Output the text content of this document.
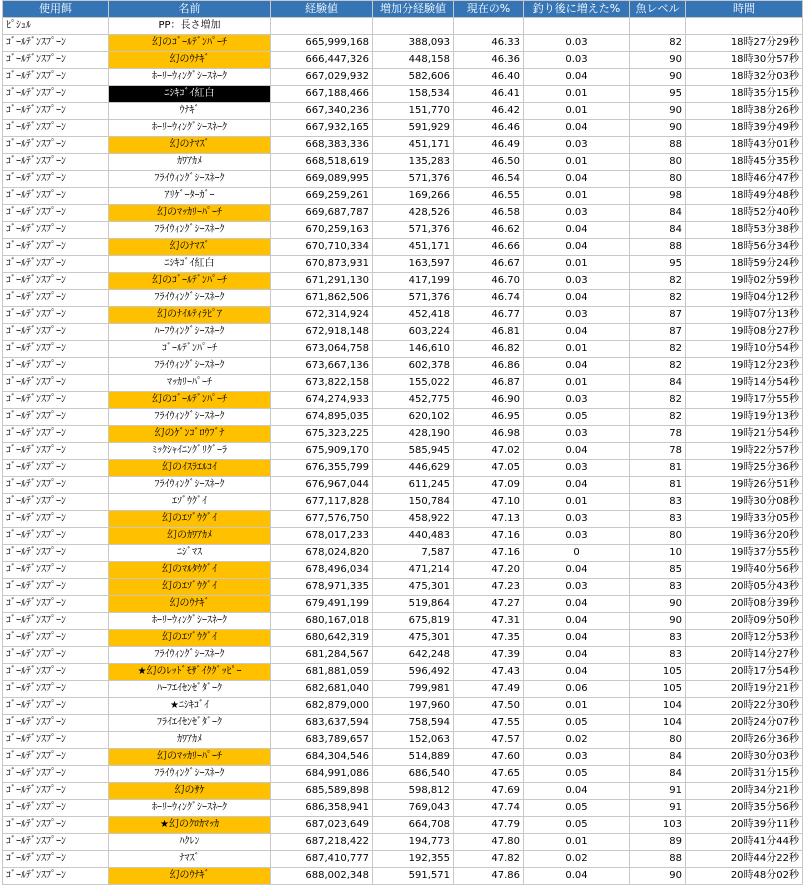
使用餌	名前	経験値	増加分経験値	現在の%	釣り後に増えた%	魚レベル	時間
ﾋﾟｼｭﾙ	PP：長さ増加						
ｺﾞｰﾙﾃﾞﾝｽﾌﾟｰﾝ	幻のｺﾞｰﾙﾃﾞﾝﾊﾟｰﾁ	665,999,168	388,093	46.33	0.03	82	18時27分29秒
ｺﾞｰﾙﾃﾞﾝｽﾌﾟｰﾝ	幻のｳﾅｷﾞ	666,447,326	448,158	46.36	0.03	90	18時30分57秒
ｺﾞｰﾙﾃﾞﾝｽﾌﾟｰﾝ	ﾎｰﾘｰｳｨﾝｸﾞｼｰｽﾈｰｸ	667,029,932	582,606	46.40	0.04	90	18時32分03秒
ｺﾞｰﾙﾃﾞﾝｽﾌﾟｰﾝ	ﾆｼｷｺﾞｲ紅白	667,188,466	158,534	46.41	0.01	95	18時35分15秒
ｺﾞｰﾙﾃﾞﾝｽﾌﾟｰﾝ	ｳﾅｷﾞ	667,340,236	151,770	46.42	0.01	90	18時38分26秒
ｺﾞｰﾙﾃﾞﾝｽﾌﾟｰﾝ	ﾎｰﾘｰｳｨﾝｸﾞｼｰｽﾈｰｸ	667,932,165	591,929	46.46	0.04	90	18時39分49秒
ｺﾞｰﾙﾃﾞﾝｽﾌﾟｰﾝ	幻のﾅﾏｽﾞ	668,383,336	451,171	46.49	0.03	88	18時43分01秒
ｺﾞｰﾙﾃﾞﾝｽﾌﾟｰﾝ	ｶﾜｱｶﾒ	668,518,619	135,283	46.50	0.01	80	18時45分35秒
ｺﾞｰﾙﾃﾞﾝｽﾌﾟｰﾝ	ﾌﾗｲｳｨﾝｸﾞｼｰｽﾈｰｸ	669,089,995	571,376	46.54	0.04	80	18時46分47秒
ｺﾞｰﾙﾃﾞﾝｽﾌﾟｰﾝ	ｱﾘｹﾞｰﾀｰｶﾞｰ	669,259,261	169,266	46.55	0.01	98	18時49分48秒
ｺﾞｰﾙﾃﾞﾝｽﾌﾟｰﾝ	幻のﾏｯｶﾘｰﾊﾟｰﾁ	669,687,787	428,526	46.58	0.03	84	18時52分40秒
ｺﾞｰﾙﾃﾞﾝｽﾌﾟｰﾝ	ﾌﾗｲｳｨﾝｸﾞｼｰｽﾈｰｸ	670,259,163	571,376	46.62	0.04	84	18時53分38秒
ｺﾞｰﾙﾃﾞﾝｽﾌﾟｰﾝ	幻のﾅﾏｽﾞ	670,710,334	451,171	46.66	0.04	88	18時56分34秒
ｺﾞｰﾙﾃﾞﾝｽﾌﾟｰﾝ	ﾆｼｷｺﾞｲ紅白	670,873,931	163,597	46.67	0.01	95	18時59分24秒
ｺﾞｰﾙﾃﾞﾝｽﾌﾟｰﾝ	幻のｺﾞｰﾙﾃﾞﾝﾊﾟｰﾁ	671,291,130	417,199	46.70	0.03	82	19時02分59秒
ｺﾞｰﾙﾃﾞﾝｽﾌﾟｰﾝ	ﾌﾗｲｳｨﾝｸﾞｼｰｽﾈｰｸ	671,862,506	571,376	46.74	0.04	82	19時04分12秒
ｺﾞｰﾙﾃﾞﾝｽﾌﾟｰﾝ	幻のﾅｲﾙﾃｨﾗﾋﾟｱ	672,314,924	452,418	46.77	0.03	87	19時07分13秒
ｺﾞｰﾙﾃﾞﾝｽﾌﾟｰﾝ	ﾊｰﾌｳｨﾝｸﾞｼｰｽﾈｰｸ	672,918,148	603,224	46.81	0.04	87	19時08分27秒
ｺﾞｰﾙﾃﾞﾝｽﾌﾟｰﾝ	ｺﾞｰﾙﾃﾞﾝﾊﾟｰﾁ	673,064,758	146,610	46.82	0.01	82	19時10分54秒
ｺﾞｰﾙﾃﾞﾝｽﾌﾟｰﾝ	ﾌﾗｲｳｨﾝｸﾞｼｰｽﾈｰｸ	673,667,136	602,378	46.86	0.04	82	19時12分23秒
ｺﾞｰﾙﾃﾞﾝｽﾌﾟｰﾝ	ﾏｯｶﾘｰﾊﾟｰﾁ	673,822,158	155,022	46.87	0.01	84	19時14分54秒
ｺﾞｰﾙﾃﾞﾝｽﾌﾟｰﾝ	幻のｺﾞｰﾙﾃﾞﾝﾊﾟｰﾁ	674,274,933	452,775	46.90	0.03	82	19時17分55秒
ｺﾞｰﾙﾃﾞﾝｽﾌﾟｰﾝ	ﾌﾗｲｳｨﾝｸﾞｼｰｽﾈｰｸ	674,895,035	620,102	46.95	0.05	82	19時19分13秒
ｺﾞｰﾙﾃﾞﾝｽﾌﾟｰﾝ	幻のｹﾞﾝｺﾞﾛｳﾌﾞﾅ	675,323,225	428,190	46.98	0.03	78	19時21分54秒
ｺﾞｰﾙﾃﾞﾝｽﾌﾟｰﾝ	ﾐｯｸｼｬｲﾆﾝｸﾞﾘｸﾞｰﾗ	675,909,170	585,945	47.02	0.04	78	19時22分57秒
ｺﾞｰﾙﾃﾞﾝｽﾌﾟｰﾝ	幻のｲｽﾗｴﾙｺｲ	676,355,799	446,629	47.05	0.03	81	19時25分36秒
ｺﾞｰﾙﾃﾞﾝｽﾌﾟｰﾝ	ﾌﾗｲｳｨﾝｸﾞｼｰｽﾈｰｸ	676,967,044	611,245	47.09	0.04	81	19時26分51秒
ｺﾞｰﾙﾃﾞﾝｽﾌﾟｰﾝ	ｴｿﾞｳｸﾞｲ	677,117,828	150,784	47.10	0.01	83	19時30分08秒
ｺﾞｰﾙﾃﾞﾝｽﾌﾟｰﾝ	幻のｴｿﾞｳｸﾞｲ	677,576,750	458,922	47.13	0.03	83	19時33分05秒
ｺﾞｰﾙﾃﾞﾝｽﾌﾟｰﾝ	幻のｶﾜｱｶﾒ	678,017,233	440,483	47.16	0.03	80	19時36分20秒
ｺﾞｰﾙﾃﾞﾝｽﾌﾟｰﾝ	ﾆｼﾞﾏｽ	678,024,820	7,587	47.16	0	10	19時37分55秒
ｺﾞｰﾙﾃﾞﾝｽﾌﾟｰﾝ	幻のﾏﾙﾀｳｸﾞｲ	678,496,034	471,214	47.20	0.04	85	19時40分56秒
ｺﾞｰﾙﾃﾞﾝｽﾌﾟｰﾝ	幻のｴｿﾞｳｸﾞｲ	678,971,335	475,301	47.23	0.03	83	20時05分43秒
ｺﾞｰﾙﾃﾞﾝｽﾌﾟｰﾝ	幻のｳﾅｷﾞ	679,491,199	519,864	47.27	0.04	90	20時08分39秒
ｺﾞｰﾙﾃﾞﾝｽﾌﾟｰﾝ	ﾎｰﾘｰｳｨﾝｸﾞｼｰｽﾈｰｸ	680,167,018	675,819	47.31	0.04	90	20時09分50秒
ｺﾞｰﾙﾃﾞﾝｽﾌﾟｰﾝ	幻のｴｿﾞｳｸﾞｲ	680,642,319	475,301	47.35	0.04	83	20時12分53秒
ｺﾞｰﾙﾃﾞﾝｽﾌﾟｰﾝ	ﾌﾗｲｳｨﾝｸﾞｼｰｽﾈｰｸ	681,284,567	642,248	47.39	0.04	83	20時14分27秒
ｺﾞｰﾙﾃﾞﾝｽﾌﾟｰﾝ	★幻のﾚｯﾄﾞﾓｻﾞｲｸｸﾞｯﾋﾟｰ	681,881,059	596,492	47.43	0.04	105	20時17分54秒
ｺﾞｰﾙﾃﾞﾝｽﾌﾟｰﾝ	ﾊｰﾌｴｲｾﾝｾﾞﾀﾞｰｸ	682,681,040	799,981	47.49	0.06	105	20時19分21秒
ｺﾞｰﾙﾃﾞﾝｽﾌﾟｰﾝ	★ﾆｼｷｺﾞｲ	682,879,000	197,960	47.50	0.01	104	20時22分30秒
ｺﾞｰﾙﾃﾞﾝｽﾌﾟｰﾝ	ﾌﾗｲｴｲｾﾝｾﾞﾀﾞｰｸ	683,637,594	758,594	47.55	0.05	104	20時24分07秒
ｺﾞｰﾙﾃﾞﾝｽﾌﾟｰﾝ	ｶﾜｱｶﾒ	683,789,657	152,063	47.57	0.02	80	20時26分36秒
ｺﾞｰﾙﾃﾞﾝｽﾌﾟｰﾝ	幻のﾏｯｶﾘｰﾊﾟｰﾁ	684,304,546	514,889	47.60	0.03	84	20時30分03秒
ｺﾞｰﾙﾃﾞﾝｽﾌﾟｰﾝ	ﾌﾗｲｳｨﾝｸﾞｼｰｽﾈｰｸ	684,991,086	686,540	47.65	0.05	84	20時31分15秒
ｺﾞｰﾙﾃﾞﾝｽﾌﾟｰﾝ	幻のｻｹ	685,589,898	598,812	47.69	0.04	91	20時34分21秒
ｺﾞｰﾙﾃﾞﾝｽﾌﾟｰﾝ	ﾎｰﾘｰｳｨﾝｸﾞｼｰｽﾈｰｸ	686,358,941	769,043	47.74	0.05	91	20時35分56秒
ｺﾞｰﾙﾃﾞﾝｽﾌﾟｰﾝ	★幻のｸﾛｶﾏｯｶ	687,023,649	664,708	47.79	0.05	103	20時39分11秒
ｺﾞｰﾙﾃﾞﾝｽﾌﾟｰﾝ	ﾊｸﾚﾝ	687,218,422	194,773	47.80	0.01	89	20時41分44秒
ｺﾞｰﾙﾃﾞﾝｽﾌﾟｰﾝ	ﾅﾏｽﾞ	687,410,777	192,355	47.82	0.02	88	20時44分22秒
ｺﾞｰﾙﾃﾞﾝｽﾌﾟｰﾝ	幻のｳﾅｷﾞ	688,002,348	591,571	47.86	0.04	90	20時48分02秒
